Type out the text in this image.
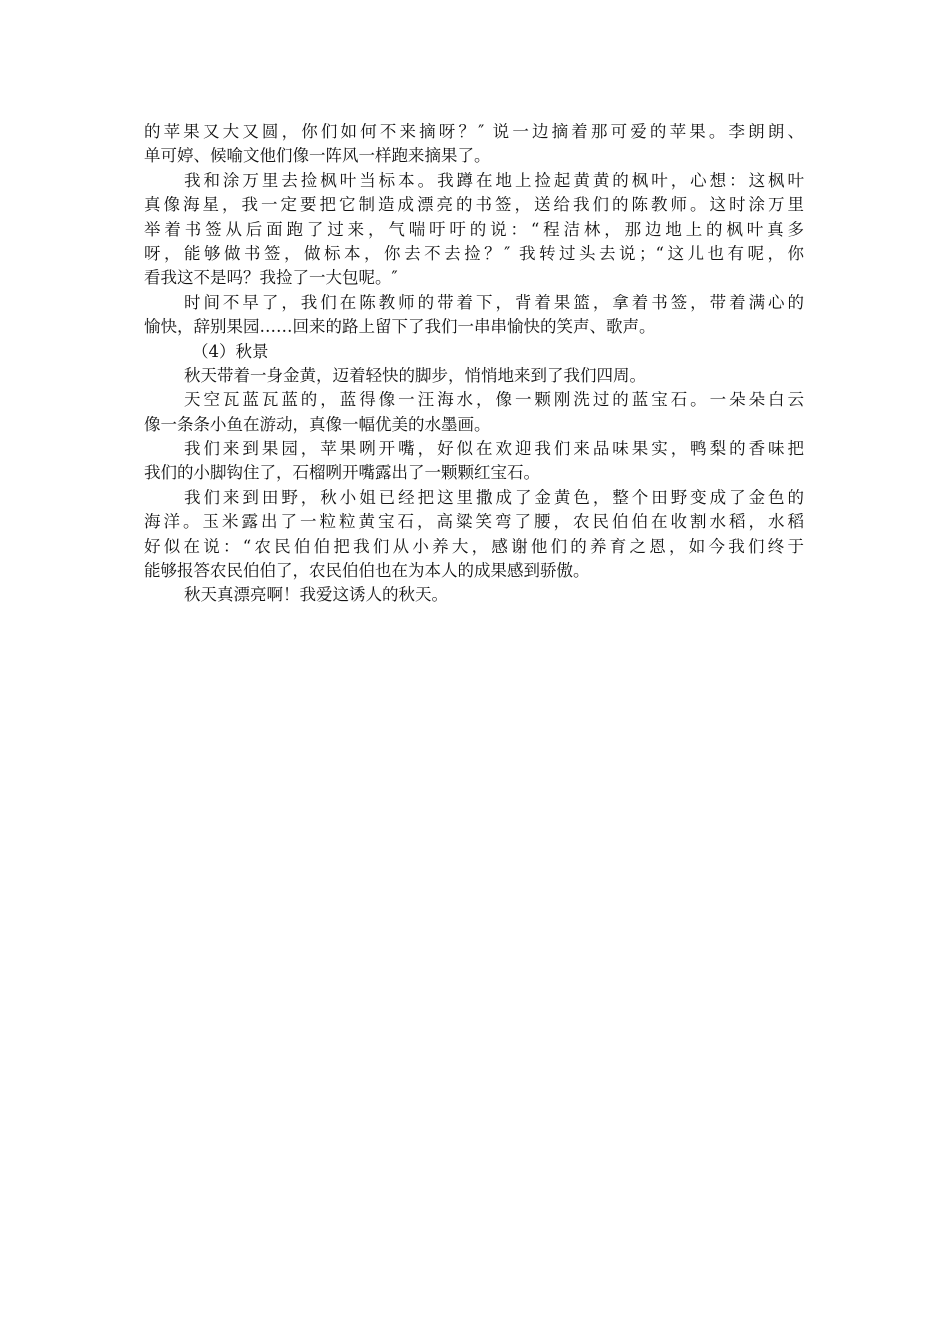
的苹果又大又圆，你们如何不来摘呀？″ 说一边摘着那可爱的苹果。李朗朗、
单可婷、候喻文他们像一阵风一样跑来摘果了。
我和涂万里去捡枫叶当标本。我蹲在地上捡起黄黄的枫叶，心想：这枫叶
真像海星，我一定要把它制造成漂亮的书签，送给我们的陈教师。这时涂万里
举着书签从后面跑了过来，气喘吁吁的说：“程洁林，那边地上的枫叶真多
呀，能够做书签，做标本，你去不去捡？″ 我转过头去说；“这儿也有呢，你
看我这不是吗？我捡了一大包呢。″
时间不早了，我们在陈教师的带着下，背着果篮，拿着书签，带着满心的
愉快，辞别果园……回来的路上留下了我们一串串愉快的笑声、歌声。
（4）秋景
秋天带着一身金黄，迈着轻快的脚步，悄悄地来到了我们四周。
天空瓦蓝瓦蓝的，蓝得像一汪海水，像一颗刚洗过的蓝宝石。一朵朵白云
像一条条小鱼在游动，真像一幅优美的水墨画。
我们来到果园，苹果咧开嘴，好似在欢迎我们来品味果实，鸭梨的香味把
我们的小脚钩住了，石榴咧开嘴露出了一颗颗红宝石。
我们来到田野，秋小姐已经把这里撒成了金黄色，整个田野变成了金色的
海洋。玉米露出了一粒粒黄宝石，高粱笑弯了腰，农民伯伯在收割水稻，水稻
好似在说：“农民伯伯把我们从小养大，感谢他们的养育之恩，如今我们终于
能够报答农民伯伯了，农民伯伯也在为本人的成果感到骄傲。
秋天真漂亮啊！我爱这诱人的秋天。
